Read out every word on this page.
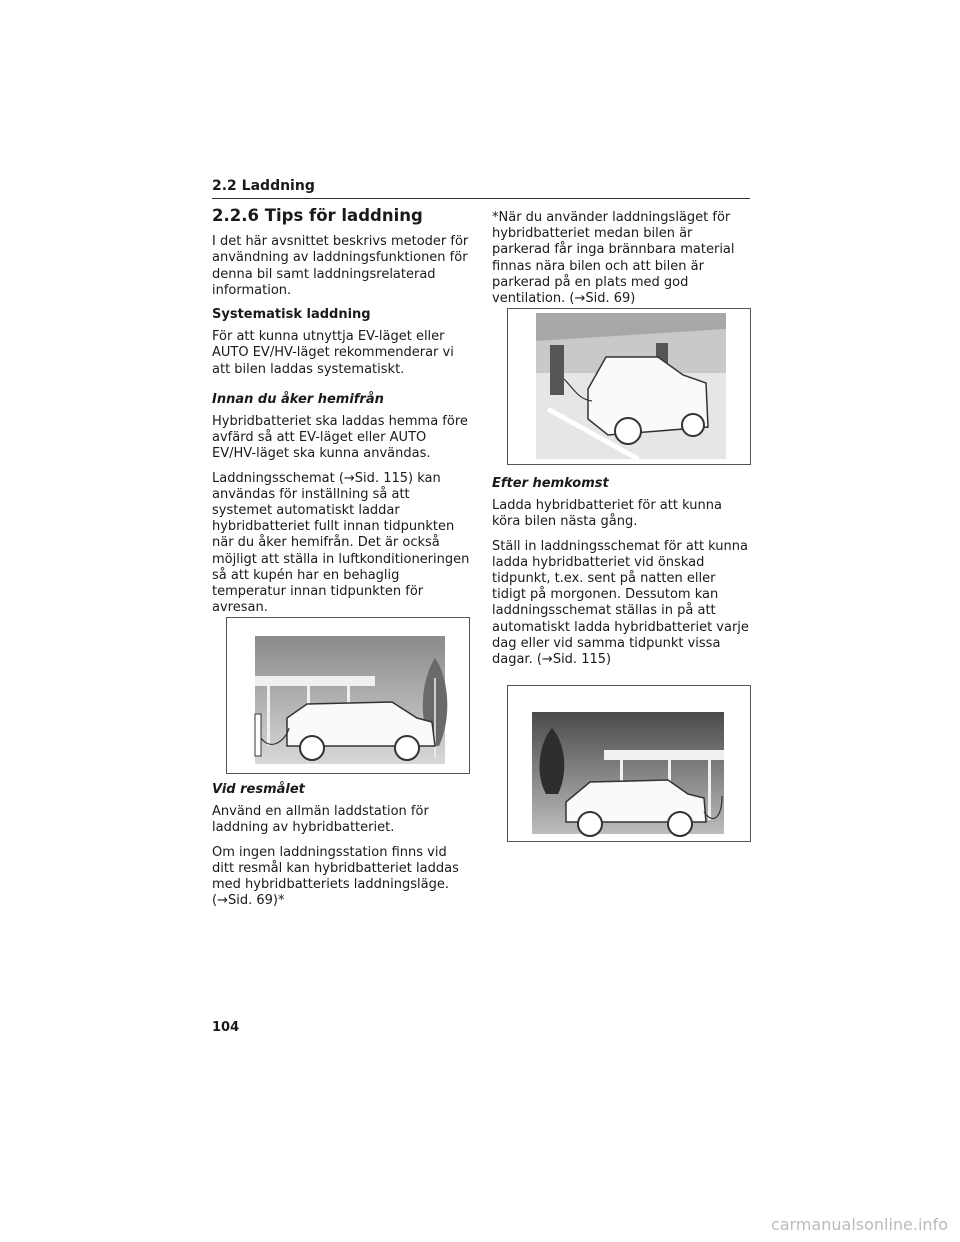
2.2 Laddning
2.2.6 Tips för laddning

I det här avsnittet beskrivs metoder för användning av laddningsfunktionen för denna bil samt laddningsrelaterad information.

Systematisk laddning

För att kunna utnyttja EV-läget eller AUTO EV/HV-läget rekommenderar vi att bilen laddas systematiskt.

Innan du åker hemifrån

Hybridbatteriet ska laddas hemma före avfärd så att EV-läget eller AUTO EV/HV-läget ska kunna användas.

Laddningsschemat (→Sid. 115) kan användas för inställning så att systemet automatiskt laddar hybridbatteriet fullt innan tidpunkten när du åker hemifrån. Det är också möjligt att ställa in luftkonditioneringen så att kupén har en behaglig temperatur innan tidpunkten för avresan.

Vid resmålet

Använd en allmän laddstation för laddning av hybridbatteriet.

Om ingen laddningsstation finns vid ditt resmål kan hybridbatteriet laddas med hybridbatteriets laddningsläge. (→Sid. 69)*

*När du använder laddningsläget för hybridbatteriet medan bilen är parkerad får inga brännbara material finnas nära bilen och att bilen är parkerad på en plats med god ventilation. (→Sid. 69)

Efter hemkomst

Ladda hybridbatteriet för att kunna köra bilen nästa gång.

Ställ in laddningsschemat för att kunna ladda hybridbatteriet vid önskad tidpunkt, t.ex. sent på natten eller tidigt på morgonen. Dessutom kan laddningsschemat ställas in på att automatiskt ladda hybridbatteriet varje dag eller vid samma tidpunkt vissa dagar. (→Sid. 115)

104
carmanualsonline.info
